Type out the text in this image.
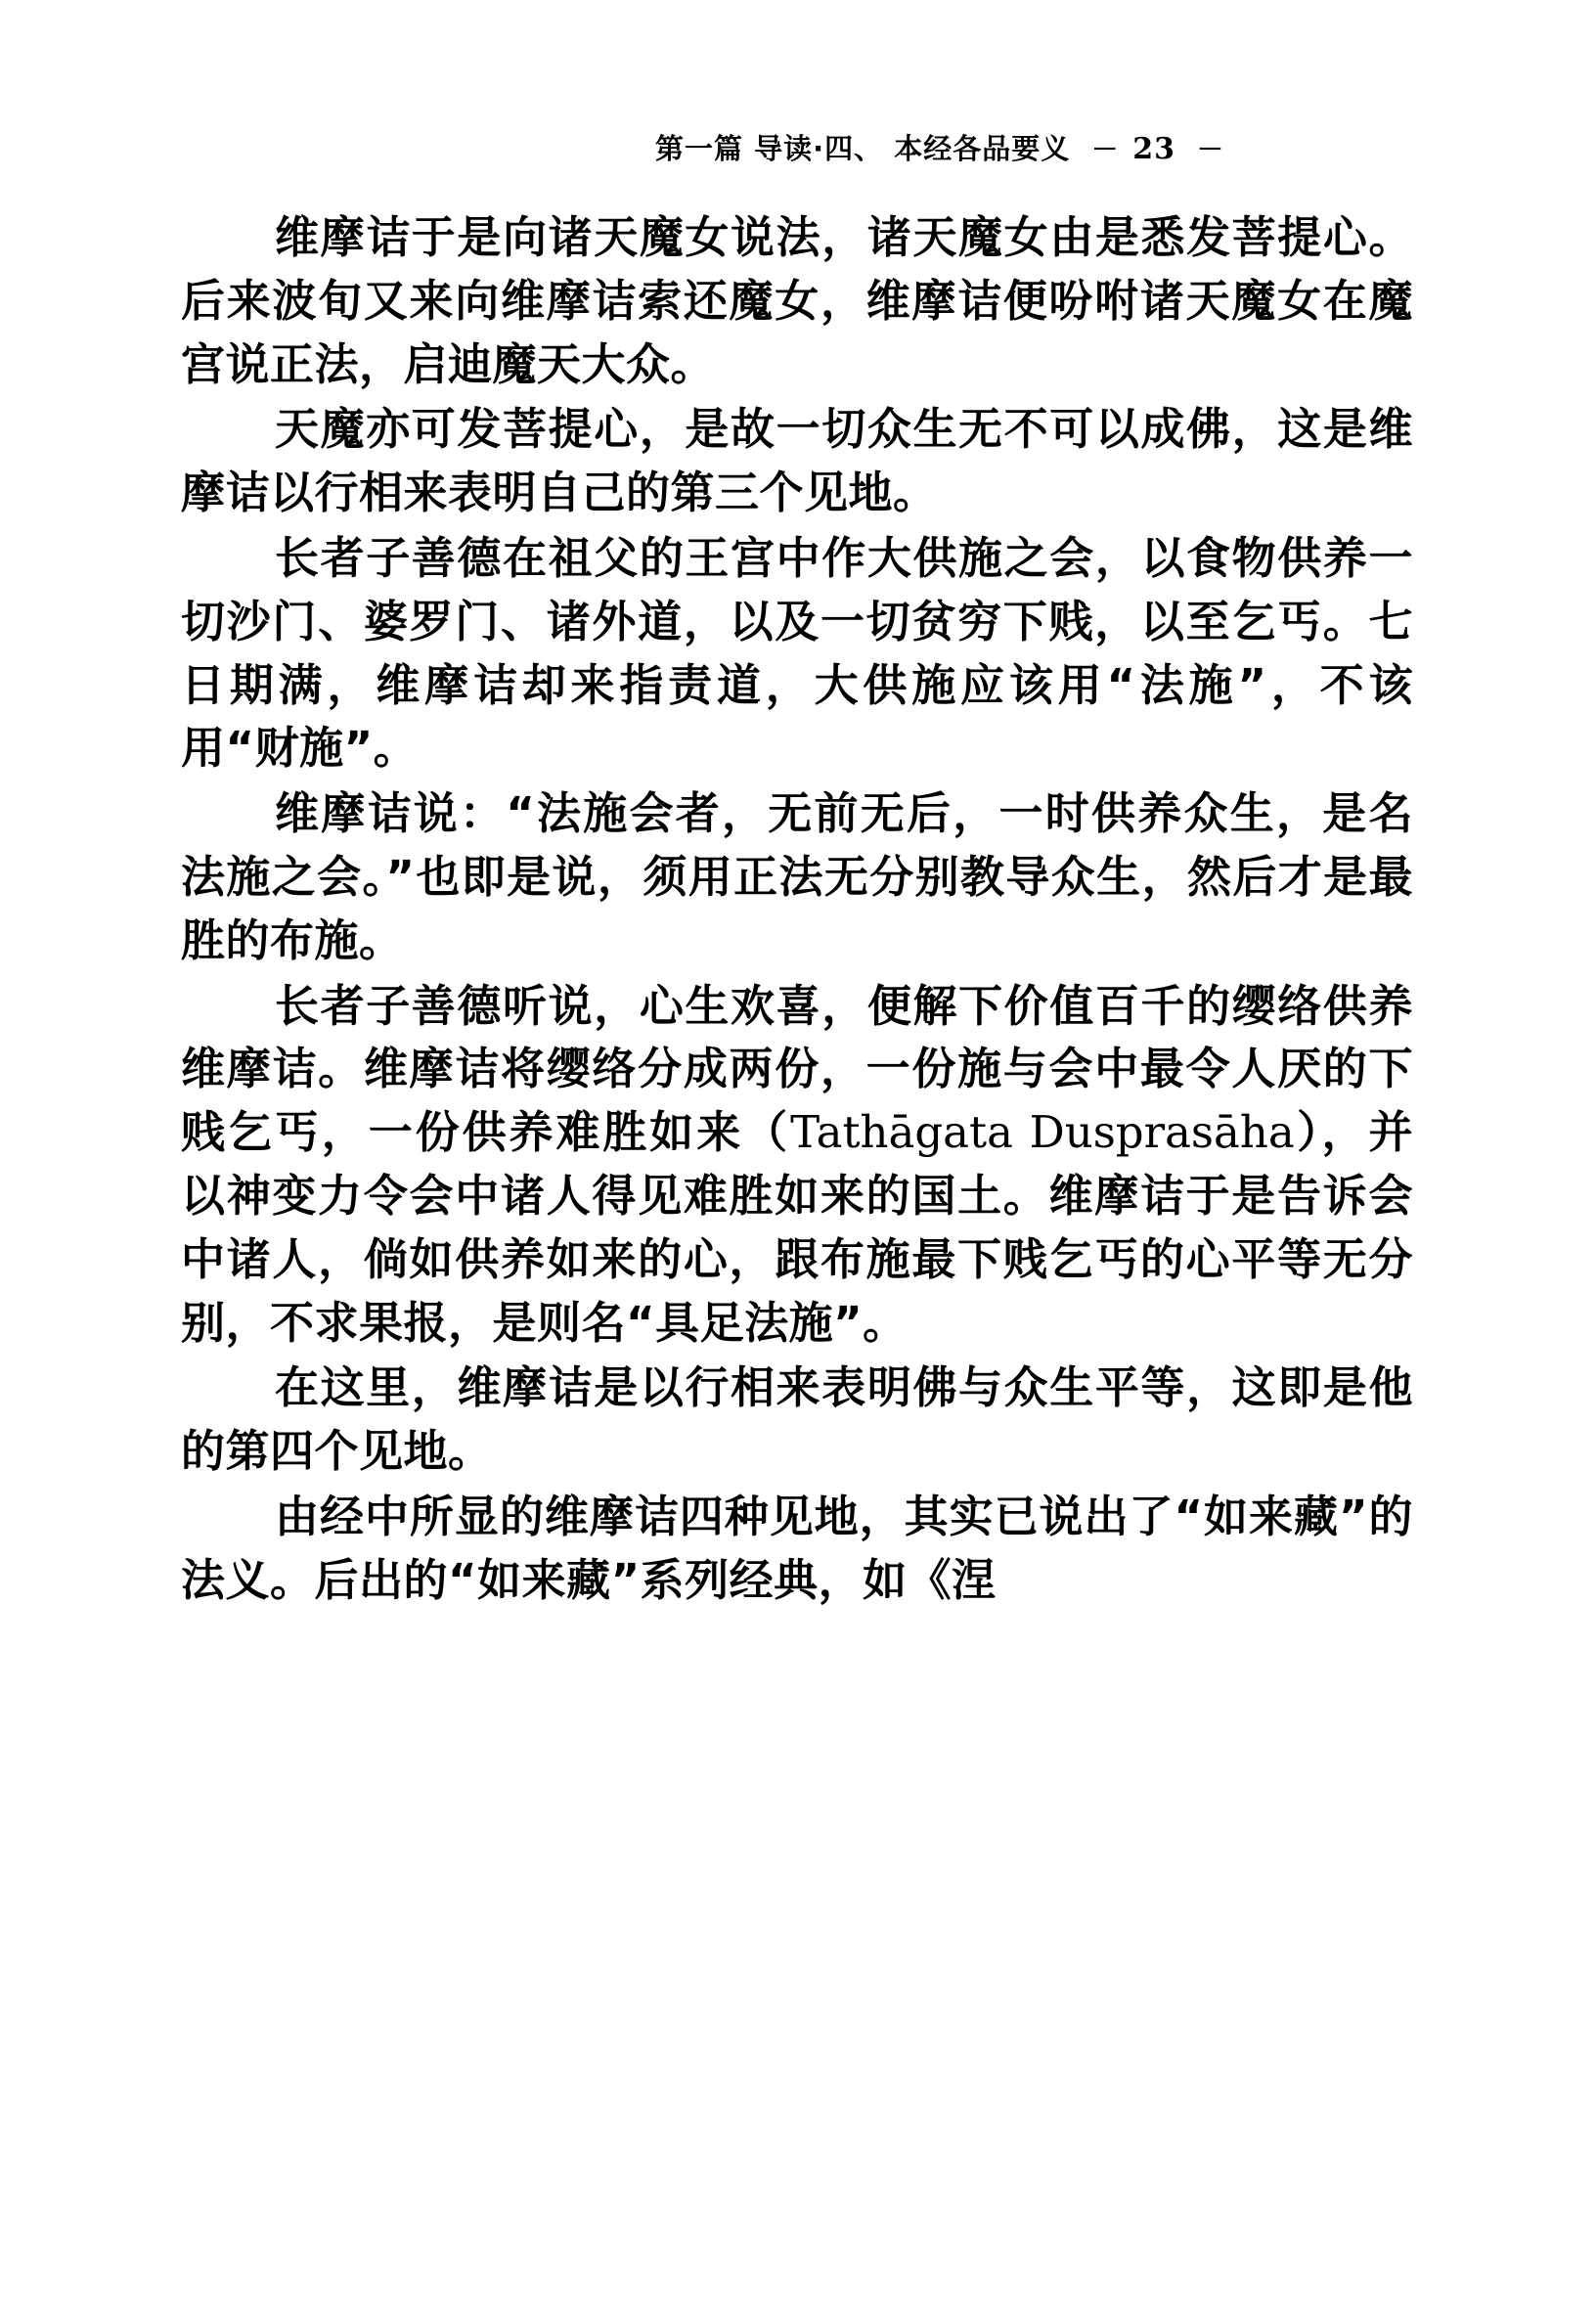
第一篇 导读·四、 本经各品要义 － 23 －

维摩诘于是向诸天魔女说法，诸天魔女由是悉发菩提心。后来波旬又来向维摩诘索还魔女，维摩诘便吩咐诸天魔女在魔宫说正法，启迪魔天大众。

天魔亦可发菩提心，是故一切众生无不可以成佛，这是维摩诘以行相来表明自己的第三个见地。

长者子善德在祖父的王宫中作大供施之会，以食物供养一切沙门、婆罗门、诸外道，以及一切贫穷下贱，以至乞丐。七日期满，维摩诘却来指责道，大供施应该用“法施”，不该用“财施”。

维摩诘说：“法施会者，无前无后，一时供养众生，是名法施之会。”也即是说，须用正法无分别教导众生，然后才是最胜的布施。

长者子善德听说，心生欢喜，便解下价值百千的缨络供养维摩诘。维摩诘将缨络分成两份，一份施与会中最令人厌的下贱乞丐，一份供养难胜如来（Tathāgata Dusprasāha），并以神变力令会中诸人得见难胜如来的国土。维摩诘于是告诉会中诸人，倘如供养如来的心，跟布施最下贱乞丐的心平等无分别，不求果报，是则名“具足法施”。

在这里，维摩诘是以行相来表明佛与众生平等，这即是他的第四个见地。

由经中所显的维摩诘四种见地，其实已说出了“如来藏”的法义。后出的“如来藏”系列经典，如《涅
